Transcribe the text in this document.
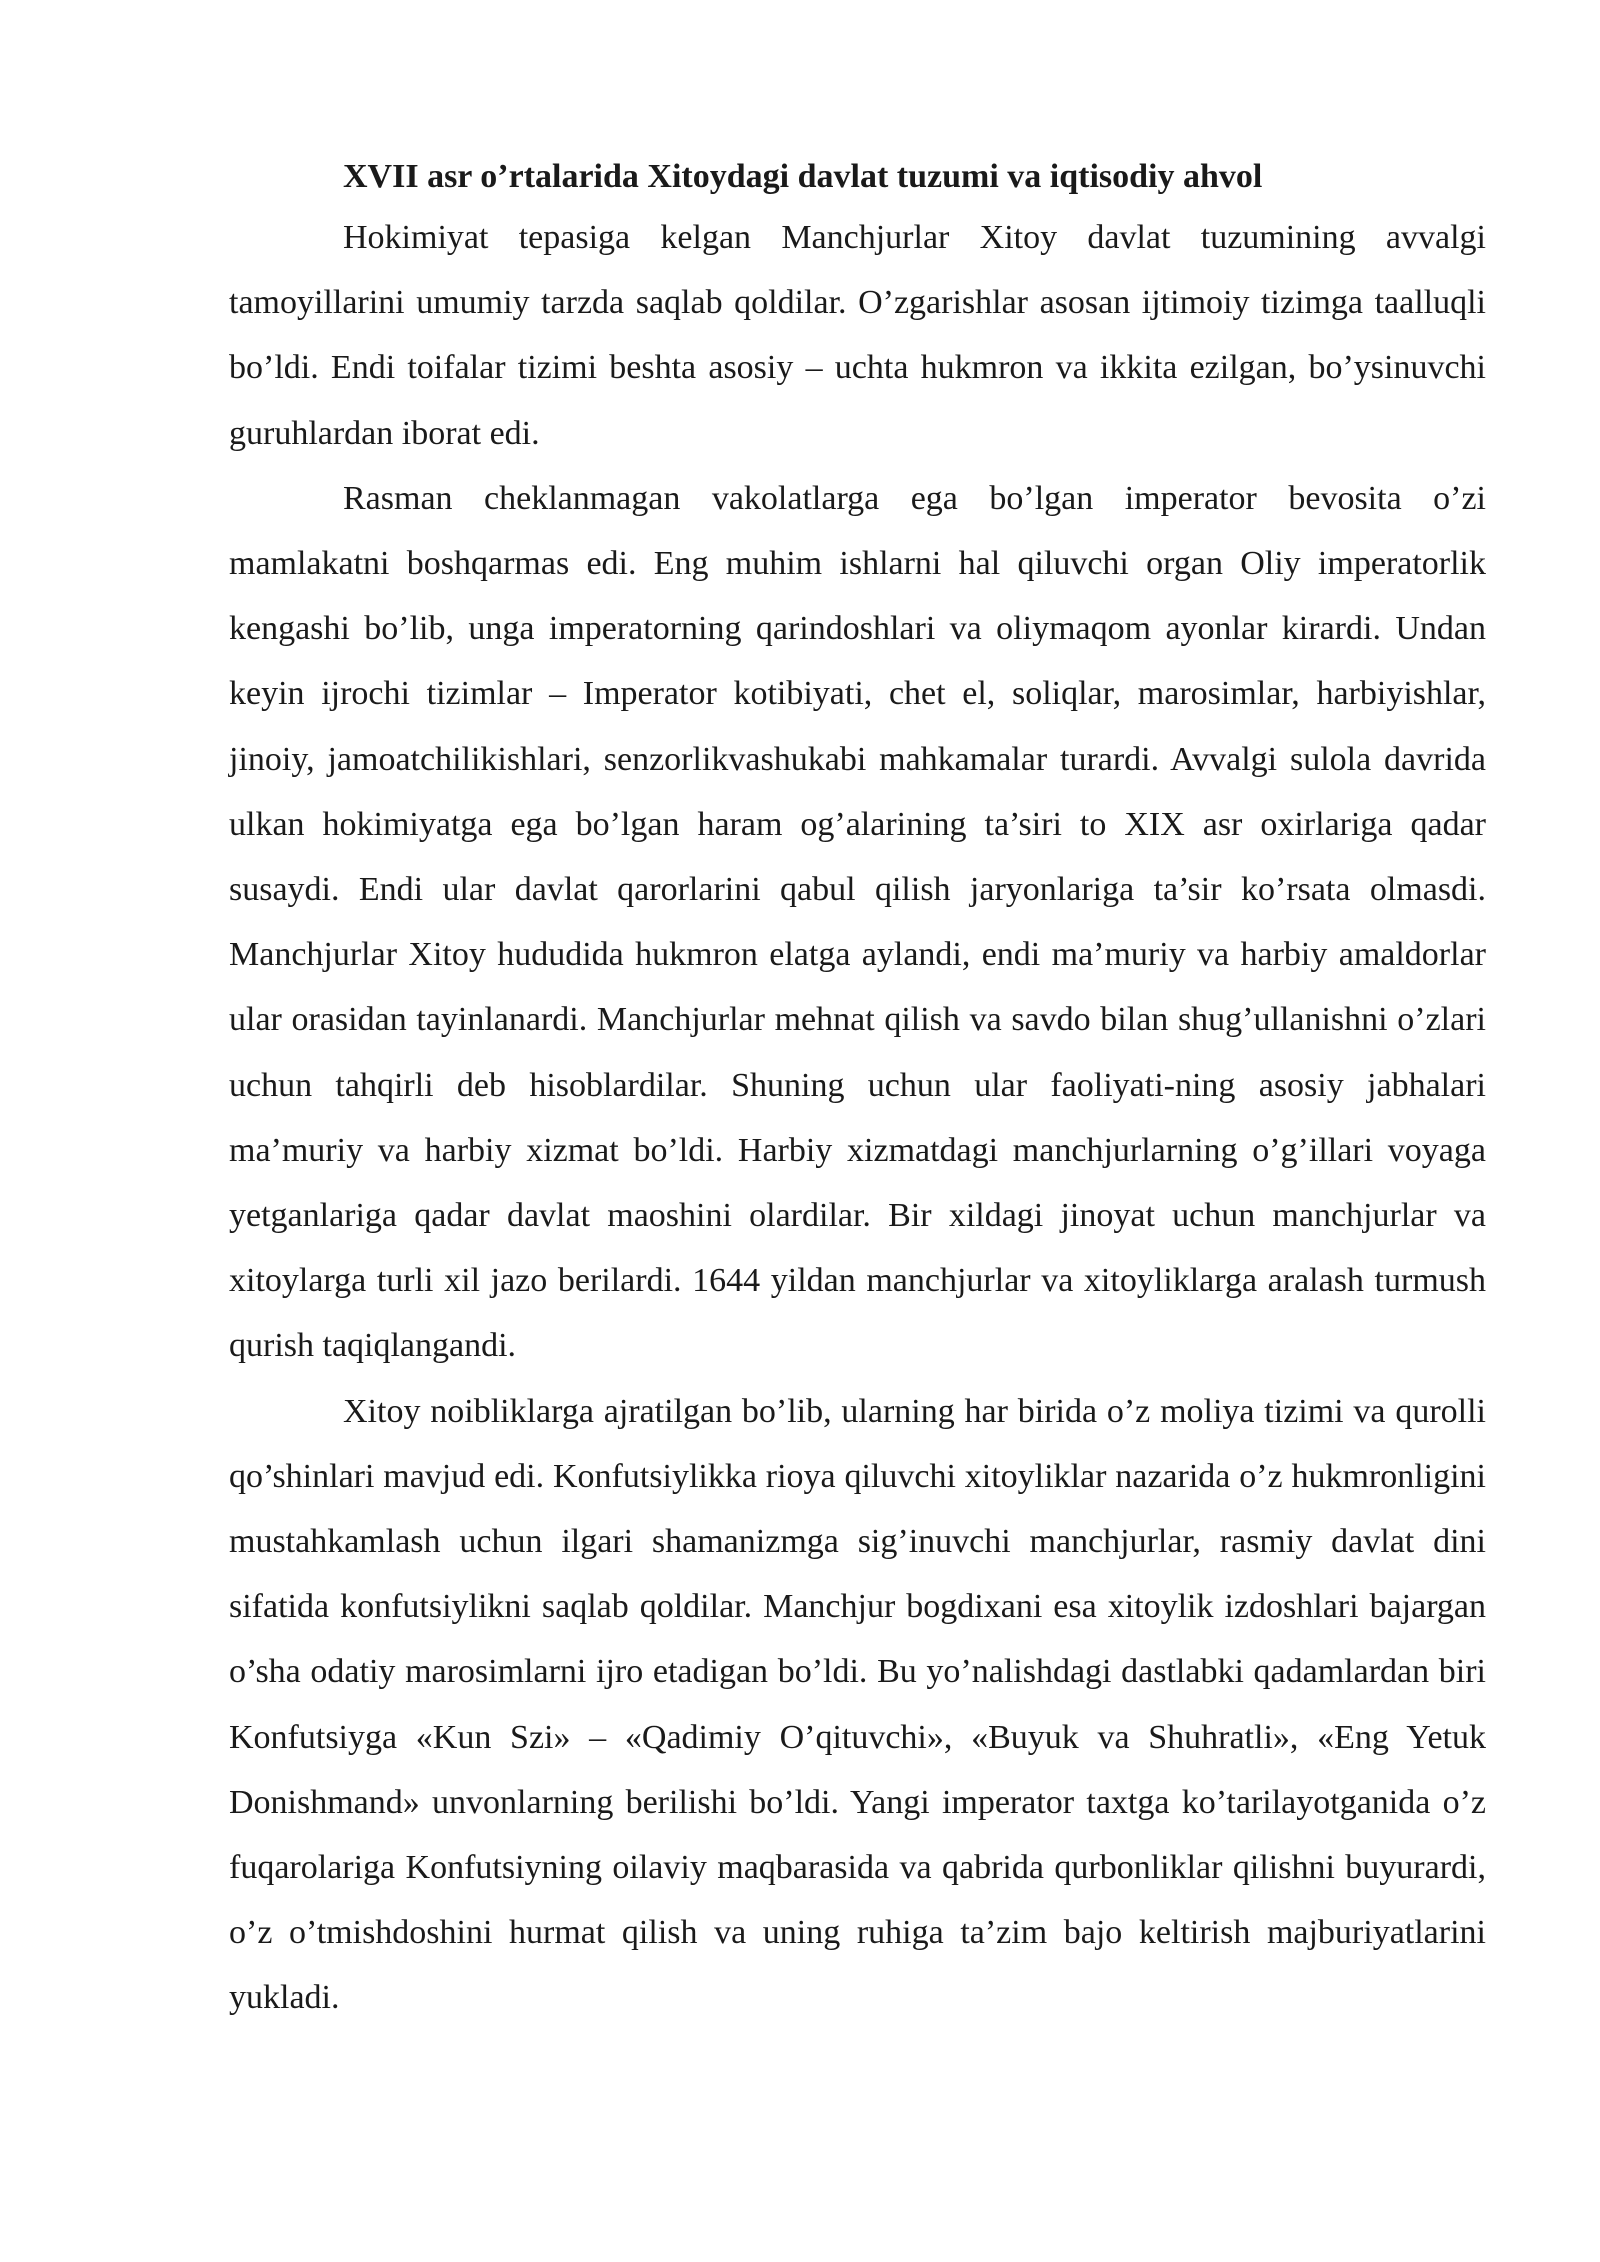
XVII asr o’rtalarida Xitoydagi davlat tuzumi va iqtisodiy ahvol

Hokimiyat tepasiga kelgan Manchjurlar Xitoy davlat tuzumining avvalgi tamoyillarini umumiy tarzda saqlab qoldilar. O’zgarishlar asosan ijtimoiy tizimga taalluqli bo’ldi. Endi toifalar tizimi beshta asosiy – uchta hukmron va ikkita ezilgan, bo’ysinuvchi guruhlardan iborat edi.

Rasman cheklanmagan vakolatlarga ega bo’lgan imperator bevosita o’zi mamlakatni boshqarmas edi. Eng muhim ishlarni hal qiluvchi organ Oliy imperatorlik kengashi bo’lib, unga imperatorning qarindoshlari va oliymaqom ayonlar kirardi. Undan keyin ijrochi tizimlar – Imperator kotibiyati, chet el, soliqlar, marosimlar, harbiyishlar, jinoiy, jamoatchilikishlari, senzorlikvashukabi mahkamalar turardi. Avvalgi sulola davrida ulkan hokimiyatga ega bo’lgan haram og’alarining ta’siri to XIX asr oxirlariga qadar susaydi. Endi ular davlat qarorlarini qabul qilish jaryonlariga ta’sir ko’rsata olmasdi. Manchjurlar Xitoy hududida hukmron elatga aylandi, endi ma’muriy va harbiy amaldorlar ular orasidan tayinlanardi. Manchjurlar mehnat qilish va savdo bilan shug’ullanishni o’zlari uchun tahqirli deb hisoblardilar. Shuning uchun ular faoliyati-ning asosiy jabhalari ma’muriy va harbiy xizmat bo’ldi. Harbiy xizmatdagi manchjurlarning o’g’illari voyaga yetganlariga qadar davlat maoshini olardilar. Bir xildagi jinoyat uchun manchjurlar va xitoylarga turli xil jazo berilardi. 1644 yildan manchjurlar va xitoyliklarga aralash turmush qurish taqiqlangandi.

Xitoy noibliklarga ajratilgan bo’lib, ularning har birida o’z moliya tizimi va qurolli qo’shinlari mavjud edi. Konfutsiylikka rioya qiluvchi xitoyliklar nazarida o’z hukmronligini mustahkamlash uchun ilgari shamanizmga sig’inuvchi manchjurlar, rasmiy davlat dini sifatida konfutsiylikni saqlab qoldilar. Manchjur bogdixani esa xitoylik izdoshlari bajargan o’sha odatiy marosimlarni ijro etadigan bo’ldi. Bu yo’nalishdagi dastlabki qadamlardan biri Konfutsiyga «Kun Szi» – «Qadimiy O’qituvchi», «Buyuk va Shuhratli», «Eng Yetuk Donishmand» unvonlarning berilishi bo’ldi. Yangi imperator taxtga ko’tarilayotganida o’z fuqarolariga Konfutsiyning oilaviy maqbarasida va qabrida qurbonliklar qilishni buyurardi, o’z o’tmishdoshini hurmat qilish va uning ruhiga ta’zim bajo keltirish majburiyatlarini yukladi.
